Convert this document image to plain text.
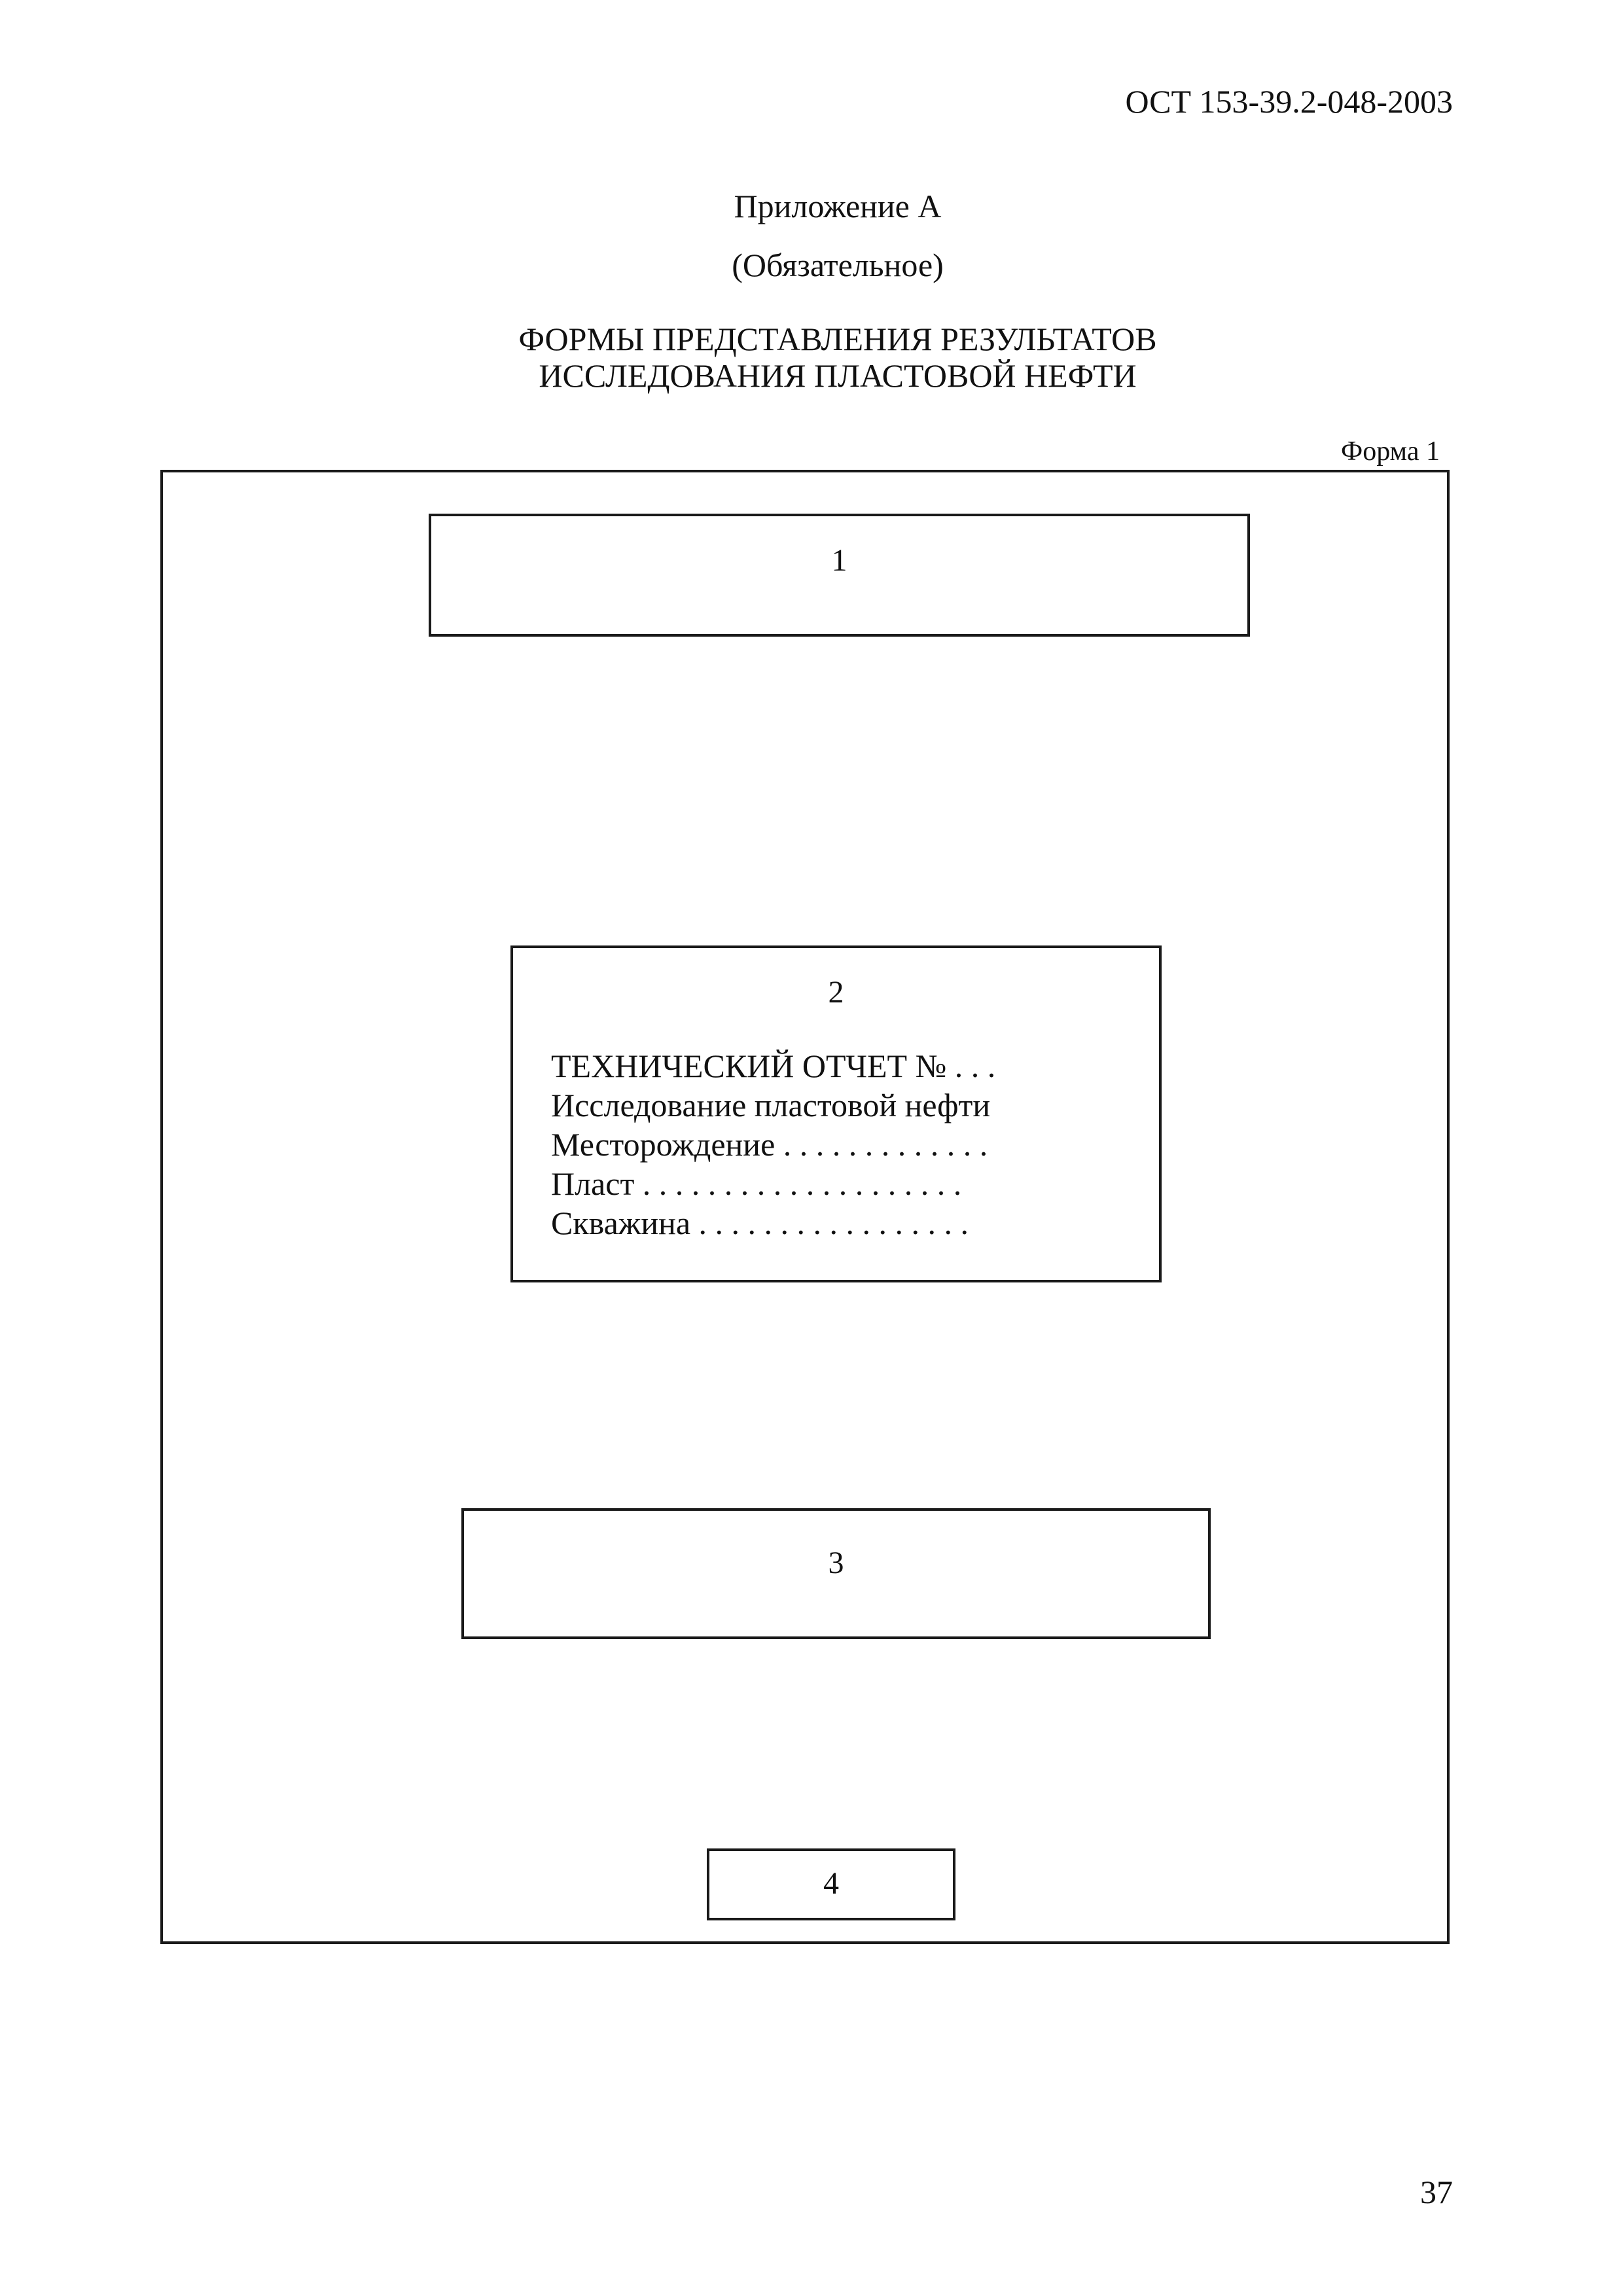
ОСТ 153-39.2-048-2003
Приложение А
(Обязательное)
ФОРМЫ ПРЕДСТАВЛЕНИЯ РЕЗУЛЬТАТОВ
ИССЛЕДОВАНИЯ ПЛАСТОВОЙ НЕФТИ
Форма 1
1
2
ТЕХНИЧЕСКИЙ ОТЧЕТ № . . .
Исследование пластовой нефти
Месторождение . . . . . . . . . . . . .
Пласт . . . . . . . . . . . . . . . . . . . .
Скважина . . . . . . . . . . . . . . . . .
3
4
37
